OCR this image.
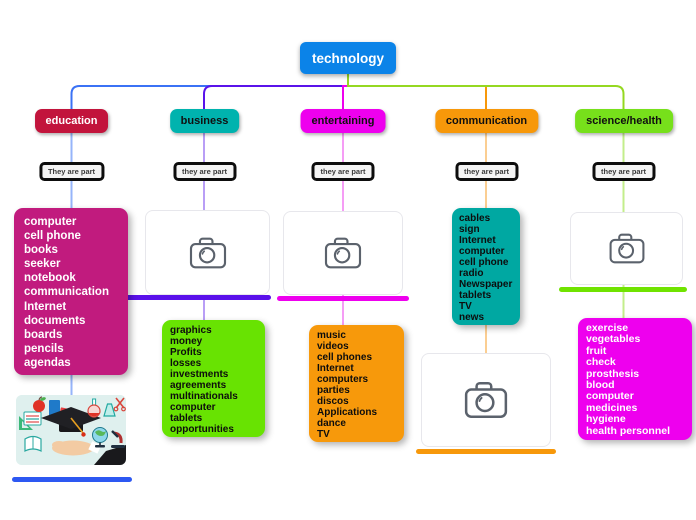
technology
education	business	entertaining	communication	science/health
They are part	they are part	they are part	they are part	they are part
computer
cell phone
books
seeker
notebook
communication
Internet
documents
boards
pencils
agendas
graphics
money
Profits
losses
investments
agreements
multinationals
computer
tablets
opportunities
music
videos
cell phones
Internet
computers
parties
discos
Applications
dance
TV
cables
sign
Internet
computer
cell phone
radio
Newspaper
tablets
TV
news
exercise
vegetables
fruit
check
prosthesis
blood
computer
medicines
hygiene
health personnel
